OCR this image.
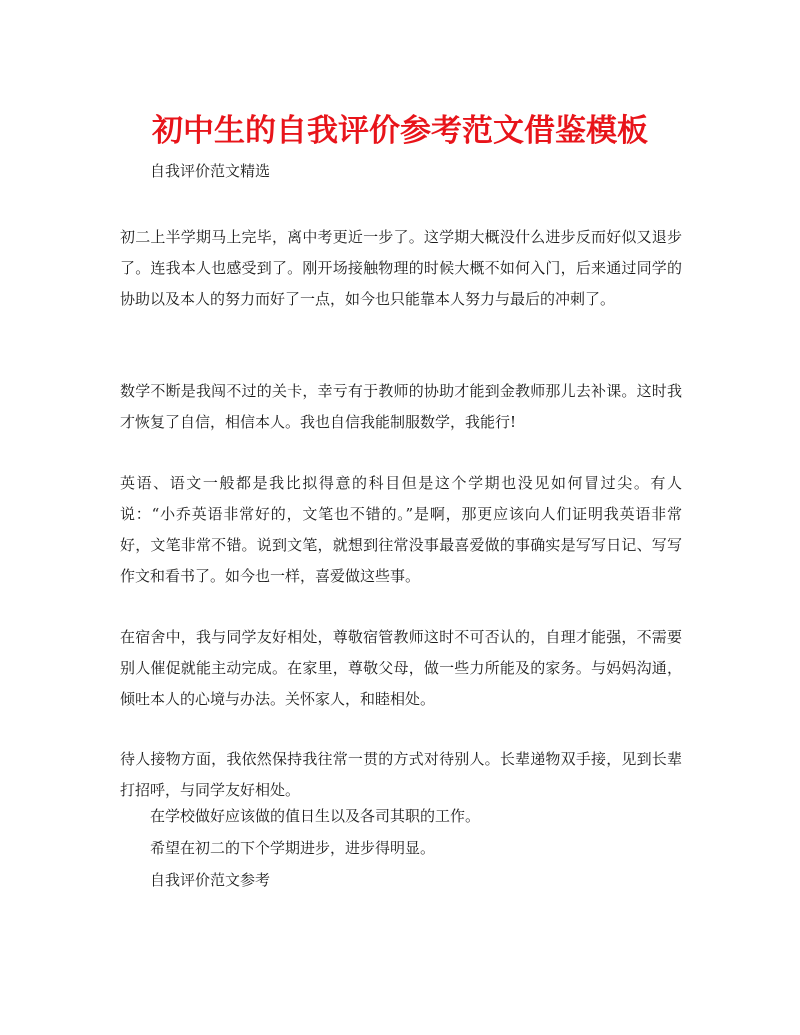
初中生的自我评价参考范文借鉴模板

自我评价范文精选

初二上半学期马上完毕，离中考更近一步了。这学期大概没什么进步反而好似又退步了。连我本人也感受到了。刚开场接触物理的时候大概不如何入门，后来通过同学的协助以及本人的努力而好了一点，如今也只能靠本人努力与最后的冲刺了。

数学不断是我闯不过的关卡，幸亏有于教师的协助才能到金教师那儿去补课。这时我才恢复了自信，相信本人。我也自信我能制服数学，我能行!

英语、语文一般都是我比拟得意的科目但是这个学期也没见如何冒过尖。有人说：“小乔英语非常好的，文笔也不错的。”是啊，那更应该向人们证明我英语非常好，文笔非常不错。说到文笔，就想到往常没事最喜爱做的事确实是写写日记、写写作文和看书了。如今也一样，喜爱做这些事。

在宿舍中，我与同学友好相处，尊敬宿管教师这时不可否认的，自理才能强，不需要别人催促就能主动完成。在家里，尊敬父母，做一些力所能及的家务。与妈妈沟通，倾吐本人的心境与办法。关怀家人，和睦相处。

待人接物方面，我依然保持我往常一贯的方式对待别人。长辈递物双手接，见到长辈打招呼，与同学友好相处。

在学校做好应该做的值日生以及各司其职的工作。

希望在初二的下个学期进步，进步得明显。

自我评价范文参考
